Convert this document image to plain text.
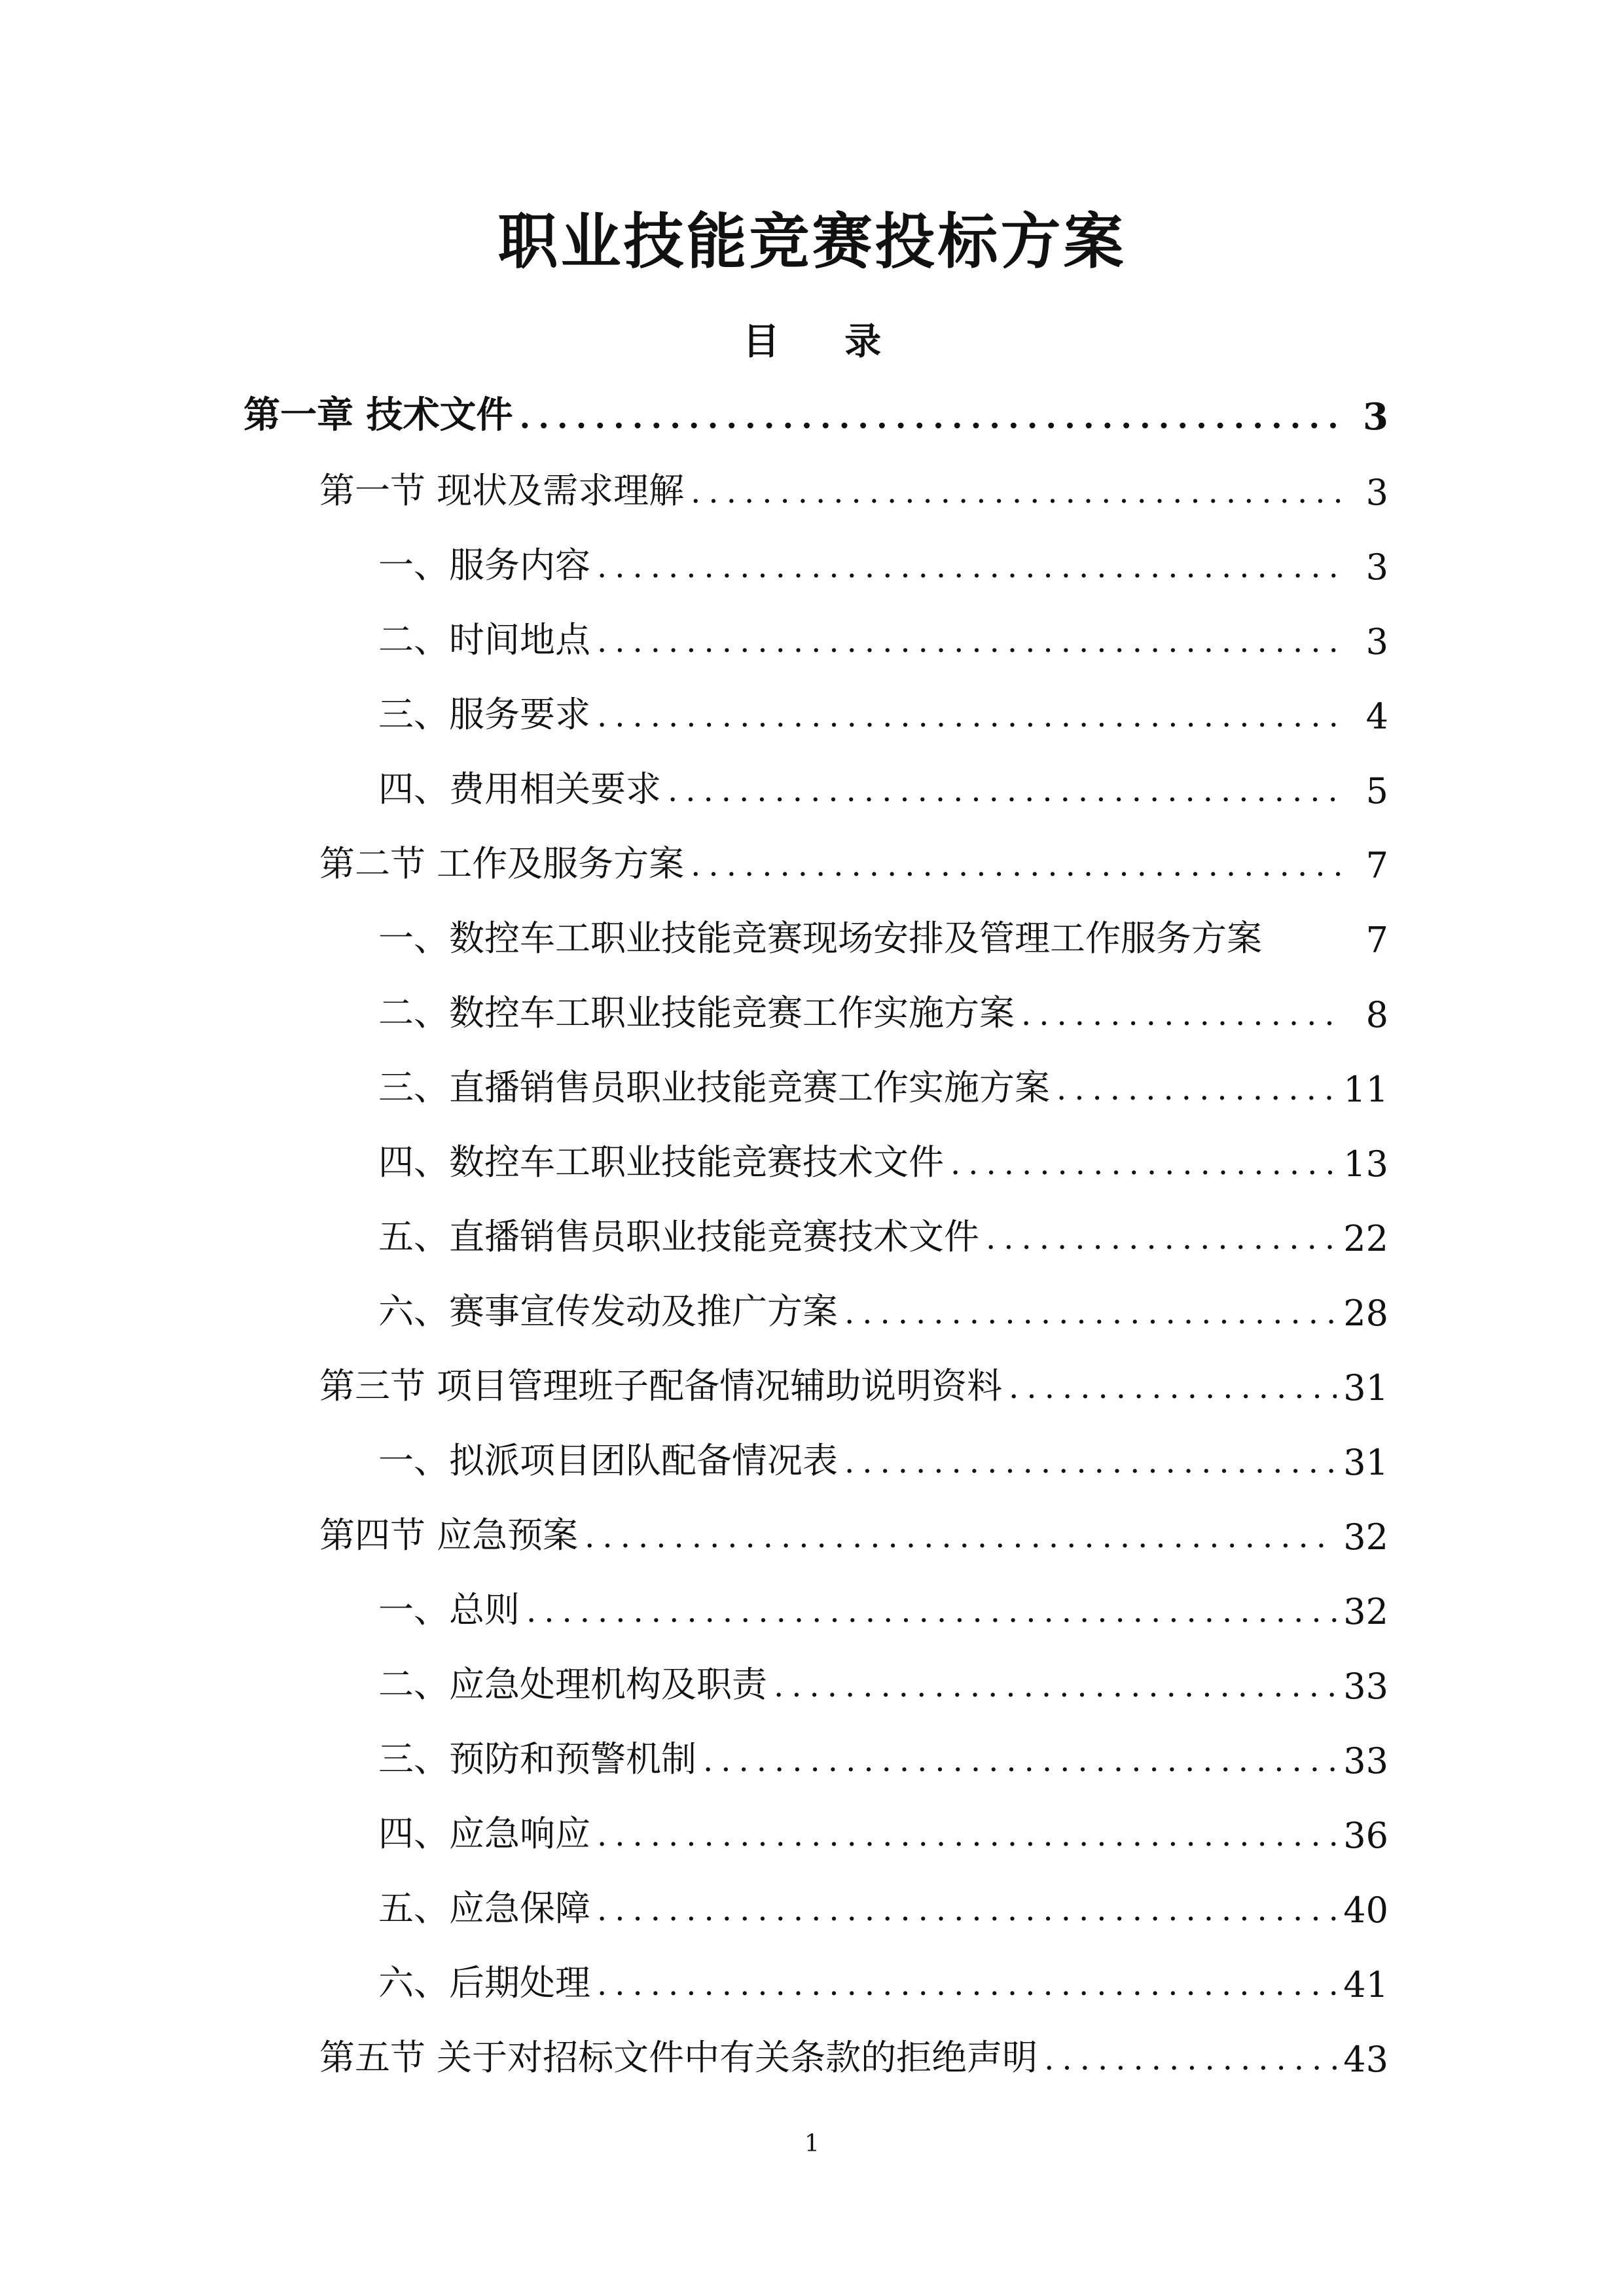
职业技能竞赛投标方案
目 录
第一章 技术文件 .....	3
第一节 现状及需求理解 .....	3
一、服务内容 .....	3
二、时间地点 .....	3
三、服务要求 .....	4
四、费用相关要求 .....	5
第二节 工作及服务方案 .....	7
一、数控车工职业技能竞赛现场安排及管理工作服务方案	7
二、数控车工职业技能竞赛工作实施方案 .....	8
三、直播销售员职业技能竞赛工作实施方案 .....	11
四、数控车工职业技能竞赛技术文件 .....	13
五、直播销售员职业技能竞赛技术文件 .....	22
六、赛事宣传发动及推广方案 .....	28
第三节 项目管理班子配备情况辅助说明资料 .....	31
一、拟派项目团队配备情况表 .....	31
第四节 应急预案 .....	32
一、总则 .....	32
二、应急处理机构及职责 .....	33
三、预防和预警机制 .....	33
四、应急响应 .....	36
五、应急保障 .....	40
六、后期处理 .....	41
第五节 关于对招标文件中有关条款的拒绝声明 .....	43
1
